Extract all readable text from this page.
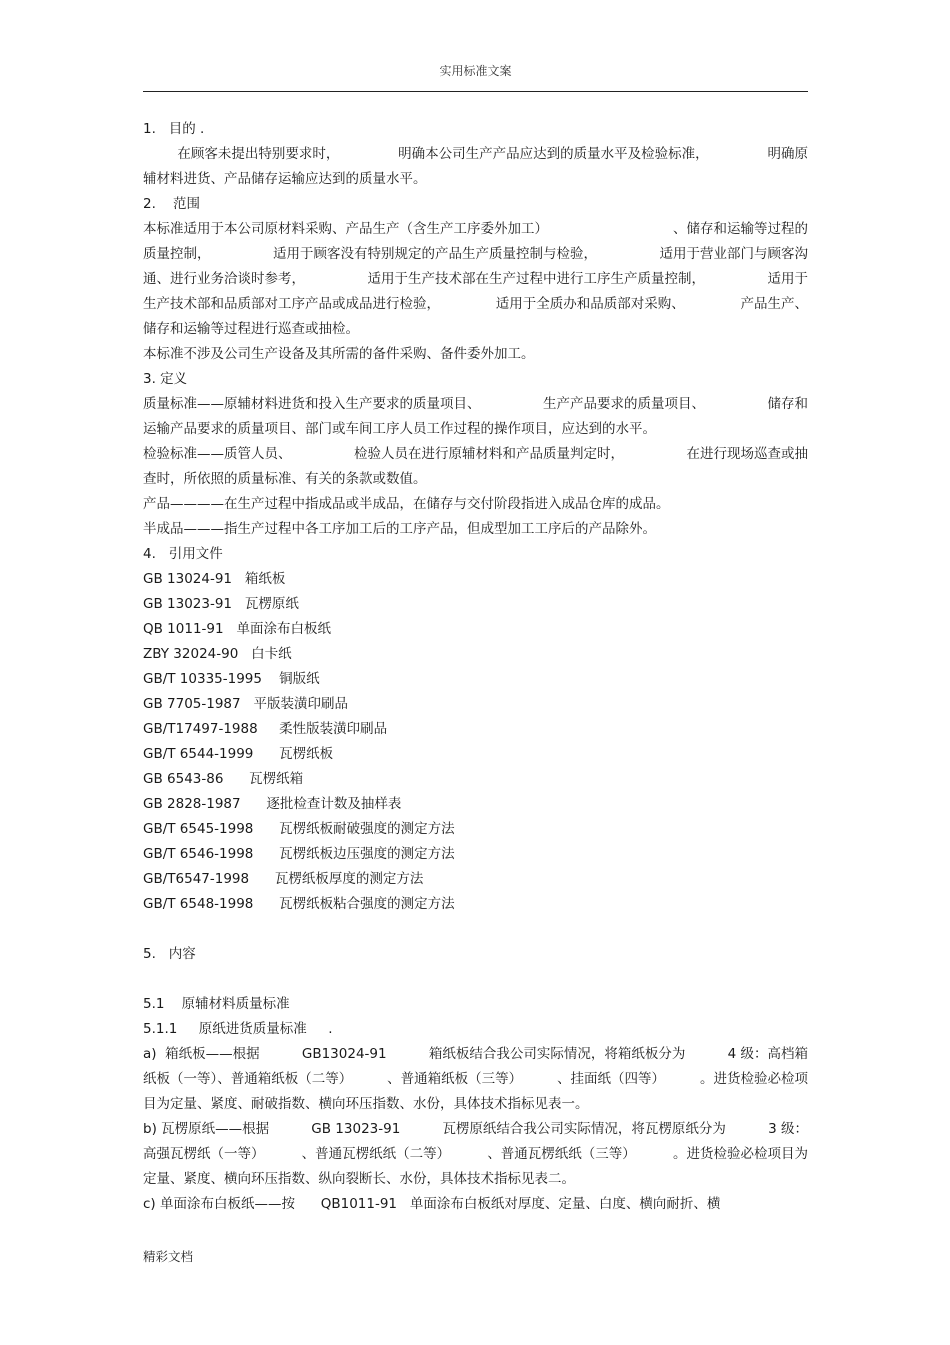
实用标准文案
1.   目的 .
在顾客未提出特别要求时，	明确本公司生产产品应达到的质量水平及检验标准，	明确原
辅材料进货、产品储存运输应达到的质量水平。
2.    范围
本标准适用于本公司原材料采购、产品生产（含生产工序委外加工）	、储存和运输等过程的
质量控制，	适用于顾客没有特别规定的产品生产质量控制与检验，	适用于营业部门与顾客沟
通、进行业务洽谈时参考，	适用于生产技术部在生产过程中进行工序生产质量控制，	适用于
生产技术部和品质部对工序产品或成品进行检验，	适用于全质办和品质部对采购、	产品生产、
储存和运输等过程进行巡查或抽检。
本标准不涉及公司生产设备及其所需的备件采购、备件委外加工。
3. 定义
质量标准——原辅材料进货和投入生产要求的质量项目、	生产产品要求的质量项目、	储存和
运输产品要求的质量项目、部门或车间工序人员工作过程的操作项目，应达到的水平。
检验标准——质管人员、	检验人员在进行原辅材料和产品质量判定时，	在进行现场巡查或抽
查时，所依照的质量标准、有关的条款或数值。
产品————在生产过程中指成品或半成品，在储存与交付阶段指进入成品仓库的成品。
半成品———指生产过程中各工序加工后的工序产品，但成型加工工序后的产品除外。
4.   引用文件
GB 13024-91   箱纸板
GB 13023-91   瓦楞原纸
QB 1011-91   单面涂布白板纸
ZBY 32024-90   白卡纸
GB/T 10335-1995    铜版纸
GB 7705-1987   平版装潢印刷品
GB/T17497-1988     柔性版装潢印刷品
GB/T 6544-1999      瓦楞纸板
GB 6543-86      瓦楞纸箱
GB 2828-1987      逐批检查计数及抽样表
GB/T 6545-1998      瓦楞纸板耐破强度的测定方法
GB/T 6546-1998      瓦楞纸板边压强度的测定方法
GB/T6547-1998      瓦楞纸板厚度的测定方法
GB/T 6548-1998      瓦楞纸板粘合强度的测定方法
5.   内容
5.1    原辅材料质量标准
5.1.1     原纸进货质量标准     .
a)  箱纸板——根据	GB13024-91	箱纸板结合我公司实际情况，将箱纸板分为	4 级：高档箱
纸板（一等）、普通箱纸板（二等）	、普通箱纸板（三等）	、挂面纸（四等）	。进货检验必检项
目为定量、紧度、耐破指数、横向环压指数、水份，具体技术指标见表一。
b) 瓦楞原纸——根据	GB 13023-91	瓦楞原纸结合我公司实际情况，将瓦楞原纸分为	3 级：
高强瓦楞纸（一等）	、普通瓦楞纸纸（二等）	、普通瓦楞纸纸（三等）	。进货检验必检项目为
定量、紧度、横向环压指数、纵向裂断长、水份，具体技术指标见表二。
c) 单面涂布白板纸——按      QB1011-91   单面涂布白板纸对厚度、定量、白度、横向耐折、横
精彩文档
